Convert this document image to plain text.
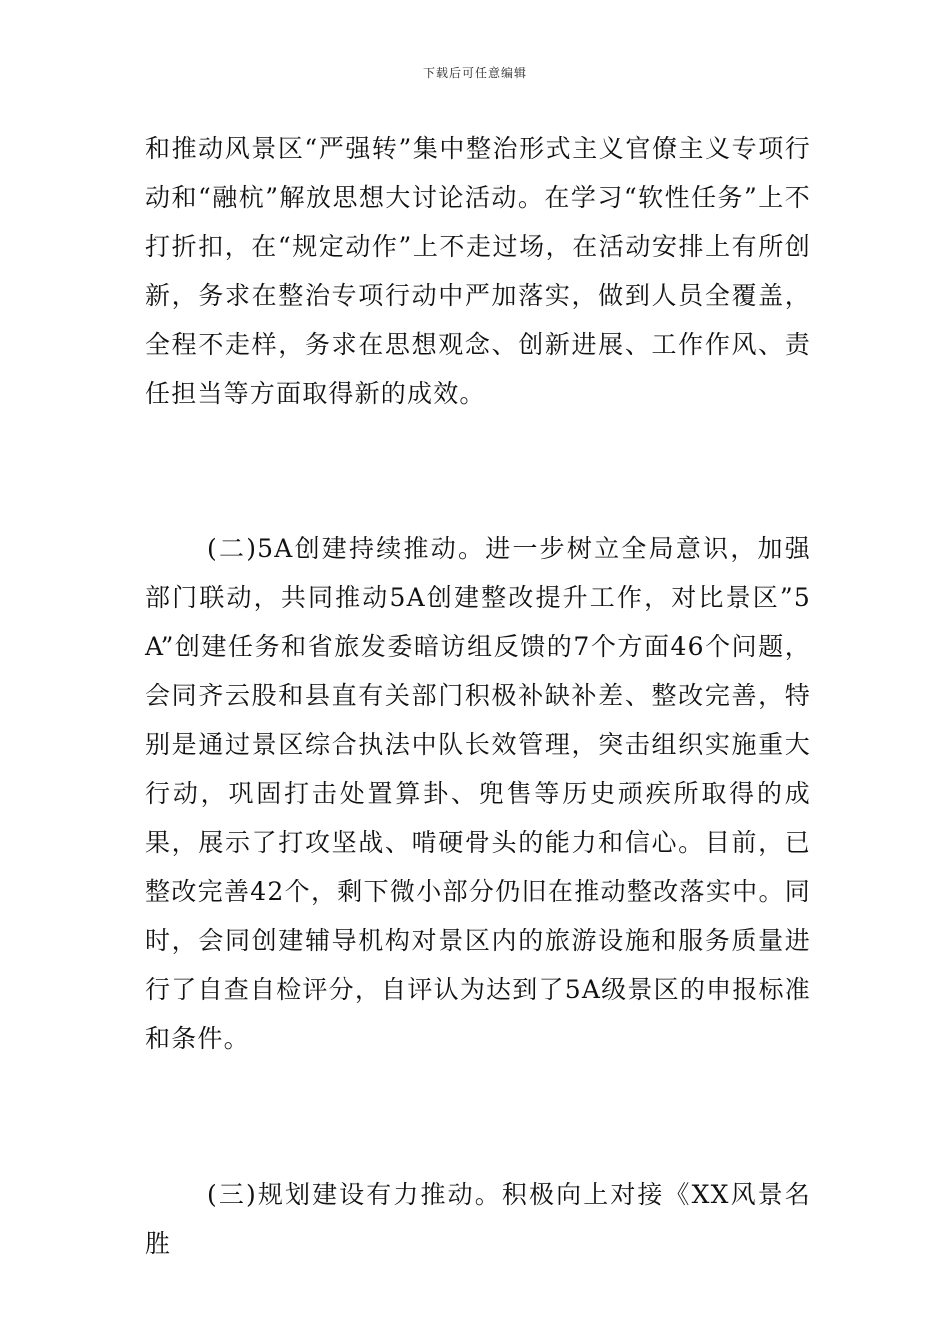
下载后可任意编辑

和推动风景区“严强转”集中整治形式主义官僚主义专项行动和“融杭”解放思想大讨论活动。在学习“软性任务”上不打折扣，在“规定动作”上不走过场，在活动安排上有所创新，务求在整治专项行动中严加落实，做到人员全覆盖，全程不走样，务求在思想观念、创新进展、工作作风、责任担当等方面取得新的成效。

(二)5A创建持续推动。进一步树立全局意识，加强部门联动，共同推动5A创建整改提升工作，对比景区”5A”创建任务和省旅发委暗访组反馈的7个方面46个问题，会同齐云股和县直有关部门积极补缺补差、整改完善，特别是通过景区综合执法中队长效管理，突击组织实施重大行动，巩固打击处置算卦、兜售等历史顽疾所取得的成果，展示了打攻坚战、啃硬骨头的能力和信心。目前，已整改完善42个，剩下微小部分仍旧在推动整改落实中。同时，会同创建辅导机构对景区内的旅游设施和服务质量进行了自查自检评分，自评认为达到了5A级景区的申报标准和条件。

(三)规划建设有力推动。积极向上对接《XX风景名胜
